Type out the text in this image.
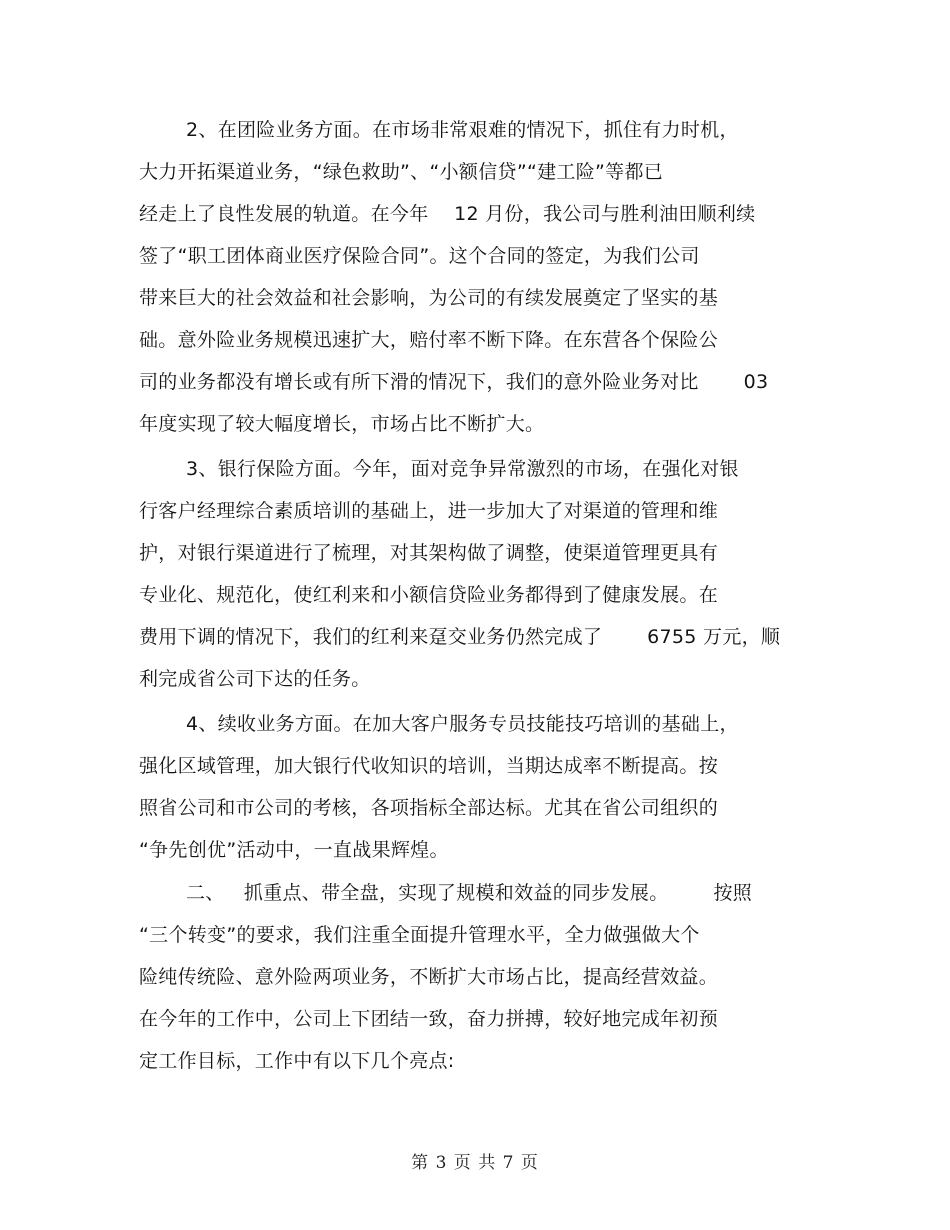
2、在团险业务方面。在市场非常艰难的情况下，抓住有力时机，
大力开拓渠道业务，“绿色救助”、“小额信贷”“建工险”等都已
经走上了良性发展的轨道。在今年  12 月份，我公司与胜利油田顺利续
签了“职工团体商业医疗保险合同”。这个合同的签定，为我们公司
带来巨大的社会效益和社会影响，为公司的有续发展奠定了坚实的基
础。意外险业务规模迅速扩大，赔付率不断下降。在东营各个保险公
司的业务都没有增长或有所下滑的情况下，我们的意外险业务对比   03
年度实现了较大幅度增长，市场占比不断扩大。
3、银行保险方面。今年，面对竞争异常激烈的市场，在强化对银
行客户经理综合素质培训的基础上，进一步加大了对渠道的管理和维
护，对银行渠道进行了梳理，对其架构做了调整，使渠道管理更具有
专业化、规范化，使红利来和小额信贷险业务都得到了健康发展。在
费用下调的情况下，我们的红利来趸交业务仍然完成了   6755 万元，顺
利完成省公司下达的任务。
4、续收业务方面。在加大客户服务专员技能技巧培训的基础上，
强化区域管理，加大银行代收知识的培训，当期达成率不断提高。按
照省公司和市公司的考核，各项指标全部达标。尤其在省公司组织的
“争先创优”活动中，一直战果辉煌。
二、 抓重点、带全盘，实现了规模和效益的同步发展。   按照
“三个转变”的要求，我们注重全面提升管理水平，全力做强做大个
险纯传统险、意外险两项业务，不断扩大市场占比，提高经营效益。
在今年的工作中，公司上下团结一致，奋力拼搏，较好地完成年初预
定工作目标，工作中有以下几个亮点:
第 3 页 共 7 页
